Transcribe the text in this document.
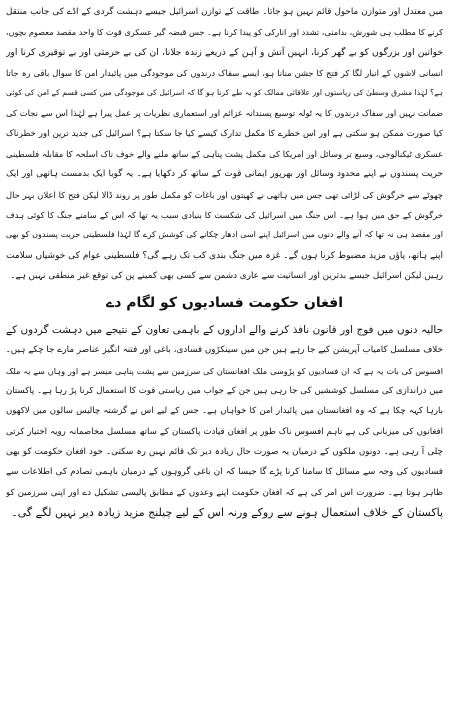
میں معتدل اور متوازن ماحول قائم نہیں ہو جاتا۔ طاقت کے توازن اسرائیل جیسے دہشت گردی کے اڈے کی جانب منتقل
کرنے کا مطلب ہی شورش، بدامنی، تشدد اور انارکی کو پیدا کرنا ہے۔ جس قبضہ گیر عسکری قوت کا واحد مقصد معصوم بچوں،
خواتین اور بزرگوں کو بے گھر کرنا، انہیں آتش و آہن کے ذریعے زندہ جلانا، ان کی بے حرمتی اور بے توقیری کرنا اور
انسانی لاشوں کے انبار لگا کر فتح کا جشن منانا ہو، ایسے سفاک درندوں کی موجودگی میں پائیدار امن کا سوال باقی رہ جاتا
ہے؟ لہٰذا مشرق وسطیٰ کی ریاستوں اور علاقائی ممالک کو یہ طے کرنا ہو گا کہ اسرائیل کی موجودگی میں کسی قسم کے امن کی کوئی
ضمانت نہیں اور سفاک درندوں کا یہ ٹولہ توسیع پسندانہ عزائم اور استعماری نظریات پر عمل پیرا ہے لہٰذا اس سے نجات کی
کیا صورت ممکن ہو سکتی ہے اور اس خطرے کا مکمل تدارک کیسے کیا جا سکتا ہے؟ اسرائیل کی جدید ترین اور خطرناک
عسکری ٹیکنالوجی، وسیع تر وسائل اور امریکا کی مکمل پشت پناہی کے ساتھ ملنے والے خوف ناک اسلحہ کا مقابلہ فلسطینی
حریت پسندوں نے اپنے محدود وسائل اور بھرپور ایمانی قوت کے ساتھ کر دکھایا ہے۔ یہ گویا ایک بدمست ہاتھی اور ایک
چھوٹے سے خرگوش کی لڑائی تھی جس میں ہاتھی نے کھیتوں اور باغات کو مکمل طور پر روند ڈالا لیکن فتح کا اعلان بہر حال
خرگوش کے حق میں ہوا ہے۔ اس جنگ میں اسرائیل کی شکست کا بنیادی سبب یہ تھا کہ اس کے سامنے جنگ کا کوئی ہدف
اور مقصد ہی نہ تھا کہ آنے والے دنوں میں اسرائیل اپنے اسی ادھار چکانے کی کوشش کرے گا لہٰذا فلسطینی حریت پسندوں کو بھی
اپنے ہاتھ، پاؤں مزید مضبوط کرنا ہوں گے۔ غزہ میں جنگ بندی کب تک رہے گی؟ فلسطینی عوام کی خوشیاں سلامت
رہیں لیکن اسرائیل جیسے بدترین اور انسانیت سے عاری دشمن سے کسی بھی کمینے پن کی توقع غیر منطقی نہیں ہے۔
افغان حکومت فسادیوں کو لگام دے
حالیہ دنوں میں فوج اور قانون نافذ کرنے والے اداروں کے باہمی تعاون کے نتیجے میں دہشت گردوں کے
خلاف مسلسل کامیاب آپریشن کیے جا رہے ہیں جن میں سینکڑوں فسادی، باغی اور فتنہ انگیز عناصر مارے جا چکے ہیں۔
افسوس کی بات یہ ہے کہ ان فسادیوں کو پڑوسی ملک افغانستان کی سرزمین سے پشت پناہی میسر ہے اور وہاں سے یہ ملک
میں دراندازی کی مسلسل کوششیں کی جا رہی ہیں جن کے جواب میں ریاستی قوت کا استعمال کرنا پڑ رہا ہے۔ پاکستان
بارہا کہہ چکا ہے کہ وہ افغانستان میں پائیدار امن کا خواہاں ہے۔ جس کے لیے اس نے گزشتہ چالیس سالوں میں لاکھوں
افغانوں کی میزبانی کی ہے تاہم افسوس ناک طور پر افغان قیادت پاکستان کے ساتھ مسلسل مخاصمانہ رویہ اختیار کرتی
چلی آ رہی ہے۔ دونوں ملکوں کے درمیان یہ صورت حال زیادہ دیر تک قائم نہیں رہ سکتی۔ خود افغان حکومت کو بھی
فسادیوں کی وجہ سے مسائل کا سامنا کرنا پڑے گا جیسا کہ ان باغی گروہوں کے درمیان باہمی تصادم کی اطلاعات سے
ظاہر ہوتا ہے۔ ضرورت اس امر کی ہے کہ افغان حکومت اپنے وعدوں کے مطابق پالیسی تشکیل دے اور اپنی سرزمین کو
پاکستان کے خلاف استعمال ہونے سے روکے ورنہ اس کے لیے چیلنج مزید زیادہ دیر نہیں لگے گی۔
